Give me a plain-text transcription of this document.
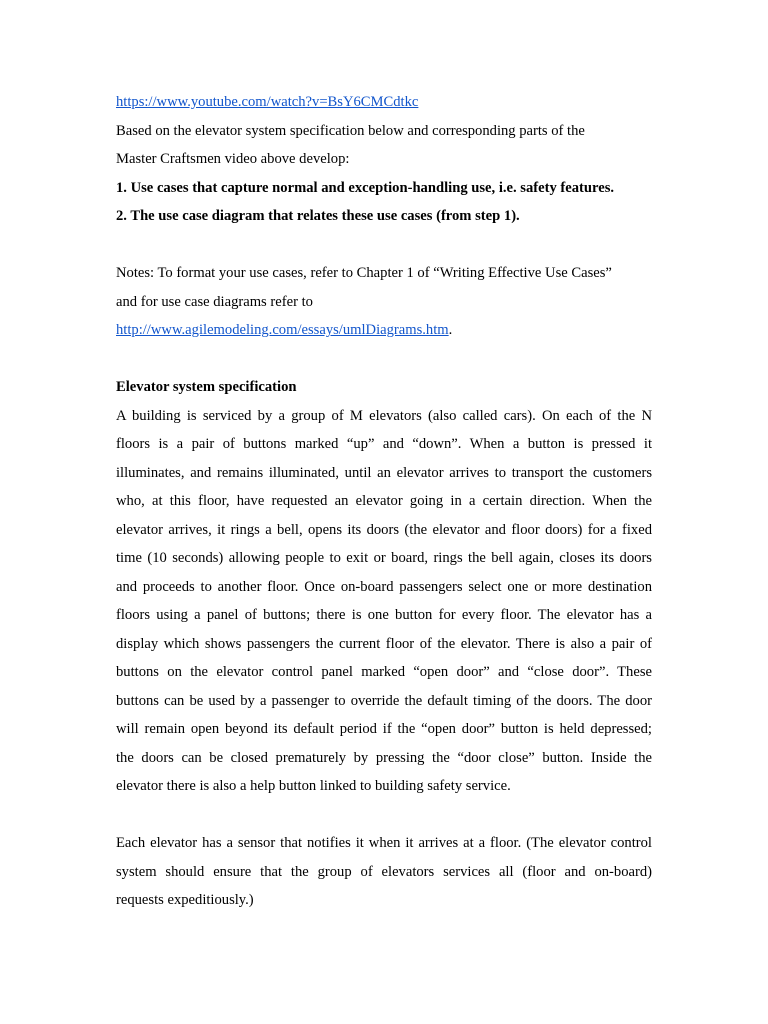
https://www.youtube.com/watch?v=BsY6CMCdtkc
Based on the elevator system specification below and corresponding parts of the
Master Craftsmen video above develop:
1. Use cases that capture normal and exception-handling use, i.e. safety features.
2. The use case diagram that relates these use cases (from step 1).
Notes: To format your use cases, refer to Chapter 1 of “Writing Effective Use Cases”
and for use case diagrams refer to
http://www.agilemodeling.com/essays/umlDiagrams.htm.
Elevator system specification

A building is serviced by a group of M elevators (also called cars). On each of the N

floors is a pair of buttons marked “up” and “down”. When a button is pressed it

illuminates, and remains illuminated, until an elevator arrives to transport the customers

who, at this floor, have requested an elevator going in a certain direction. When the

elevator arrives, it rings a bell, opens its doors (the elevator and floor doors) for a fixed

time (10 seconds) allowing people to exit or board, rings the bell again, closes its doors

and proceeds to another floor. Once on-board passengers select one or more destination

floors using a panel of buttons; there is one button for every floor. The elevator has a

display which shows passengers the current floor of the elevator. There is also a pair of

buttons on the elevator control panel marked “open door” and “close door”. These

buttons can be used by a passenger to override the default timing of the doors. The door

will remain open beyond its default period if the “open door” button is held depressed;

the doors can be closed prematurely by pressing the “door close” button. Inside the

elevator there is also a help button linked to building safety service.

Each elevator has a sensor that notifies it when it arrives at a floor. (The elevator control

system should ensure that the group of elevators services all (floor and on-board)

requests expeditiously.)
